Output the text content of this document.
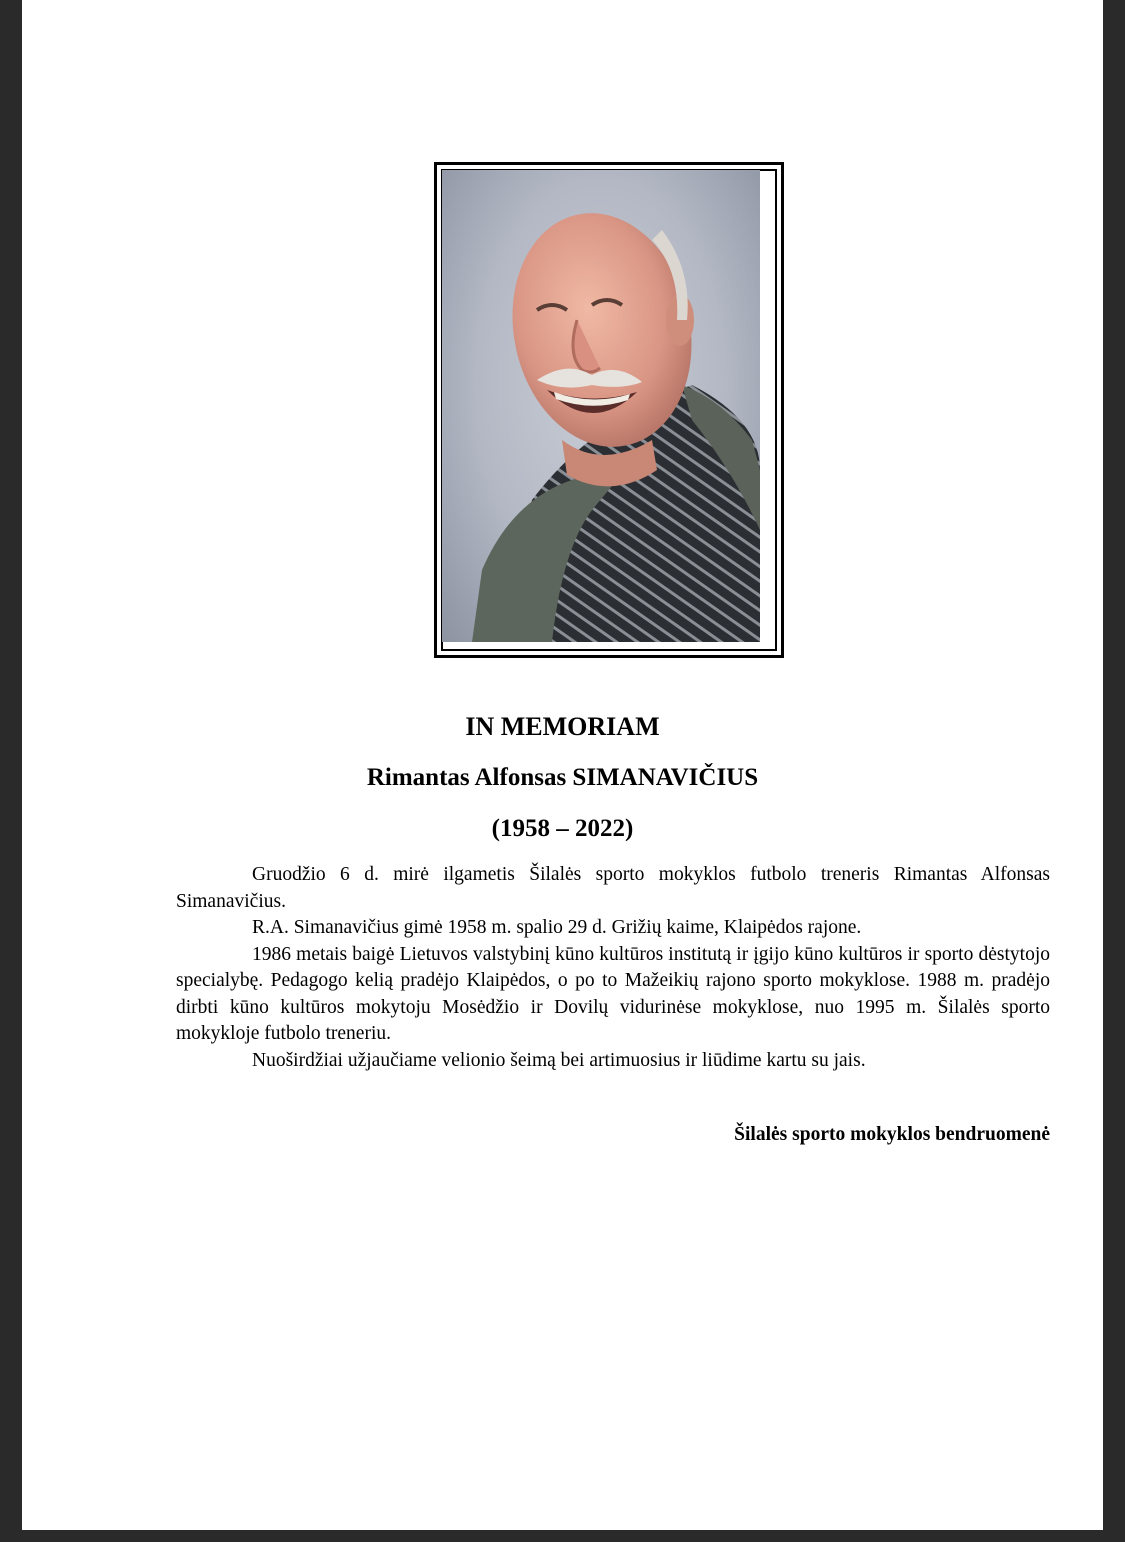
IN MEMORIAM
Rimantas Alfonsas SIMANAVIČIUS
(1958 – 2022)

Gruodžio 6 d. mirė ilgametis Šilalės sporto mokyklos futbolo treneris Rimantas Alfonsas Simanavičius.

R.A. Simanavičius gimė 1958 m. spalio 29 d. Grižių kaime, Klaipėdos rajone.

1986 metais baigė Lietuvos valstybinį kūno kultūros institutą ir įgijo kūno kultūros ir sporto dėstytojo specialybę. Pedagogo kelią pradėjo Klaipėdos, o po to Mažeikių rajono sporto mokyklose. 1988 m. pradėjo dirbti kūno kultūros mokytoju Mosėdžio ir Dovilų vidurinėse mokyklose, nuo 1995 m. Šilalės sporto mokykloje futbolo treneriu.

Nuoširdžiai užjaučiame velionio šeimą bei artimuosius ir liūdime kartu su jais.

Šilalės sporto mokyklos bendruomenė
